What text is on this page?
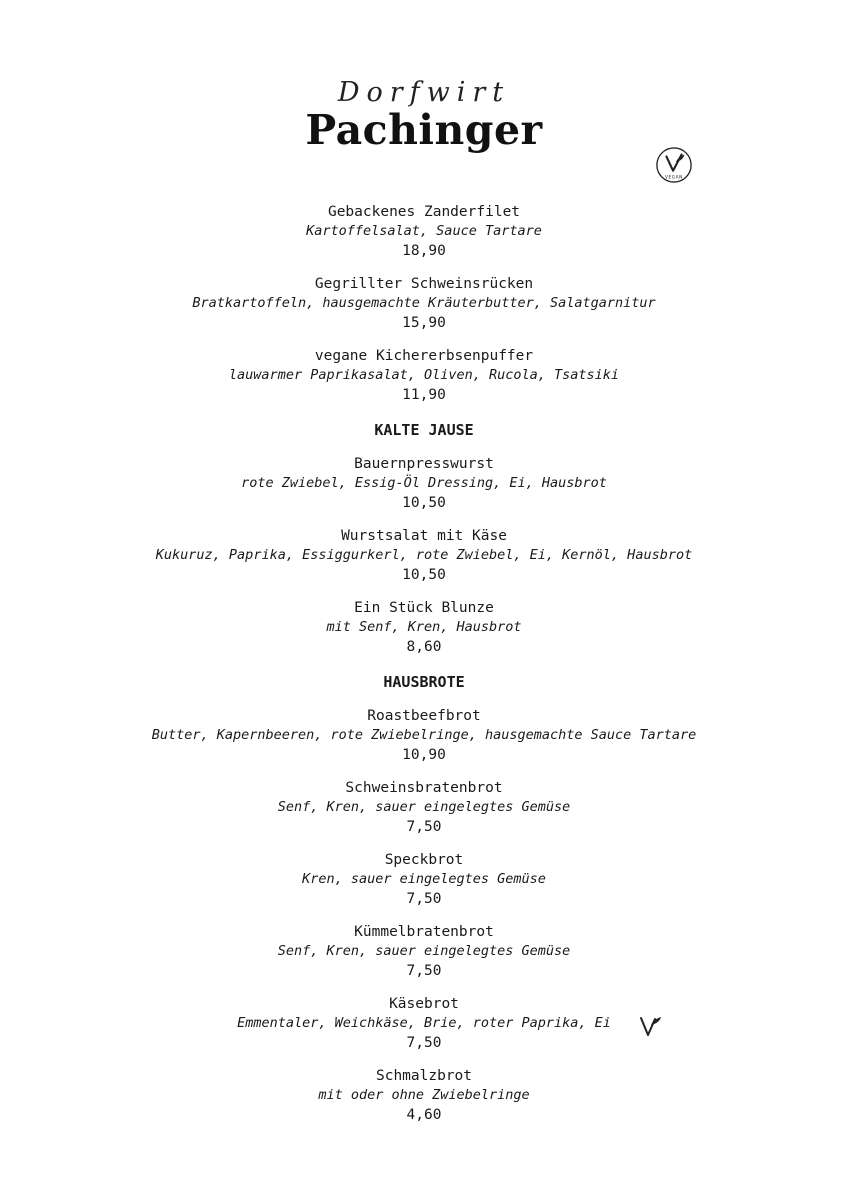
Dorfwirt
Pachinger
Gebackenes Zanderfilet
Kartoffelsalat, Sauce Tartare
18,90
Gegrillter Schweinsrücken
Bratkartoffeln, hausgemachte Kräuterbutter, Salatgarnitur
15,90
vegane Kichererbsenpuffer
lauwarmer Paprikasalat, Oliven, Rucola, Tsatsiki
11,90
KALTE JAUSE
Bauernpresswurst
rote Zwiebel, Essig-Öl Dressing, Ei, Hausbrot
10,50
Wurstsalat mit Käse
Kukuruz, Paprika, Essiggurkerl, rote Zwiebel, Ei, Kernöl, Hausbrot
10,50
Ein Stück Blunze
mit Senf, Kren, Hausbrot
8,60
HAUSBROTE
Roastbeefbrot
Butter, Kapernbeeren, rote Zwiebelringe, hausgemachte Sauce Tartare
10,90
Schweinsbratenbrot
Senf, Kren, sauer eingelegtes Gemüse
7,50
Speckbrot
Kren, sauer eingelegtes Gemüse
7,50
Kümmelbratenbrot
Senf, Kren, sauer eingelegtes Gemüse
7,50
Käsebrot
Emmentaler, Weichkäse, Brie, roter Paprika, Ei
7,50
Schmalzbrot
mit oder ohne Zwiebelringe
4,60
VEGAN
